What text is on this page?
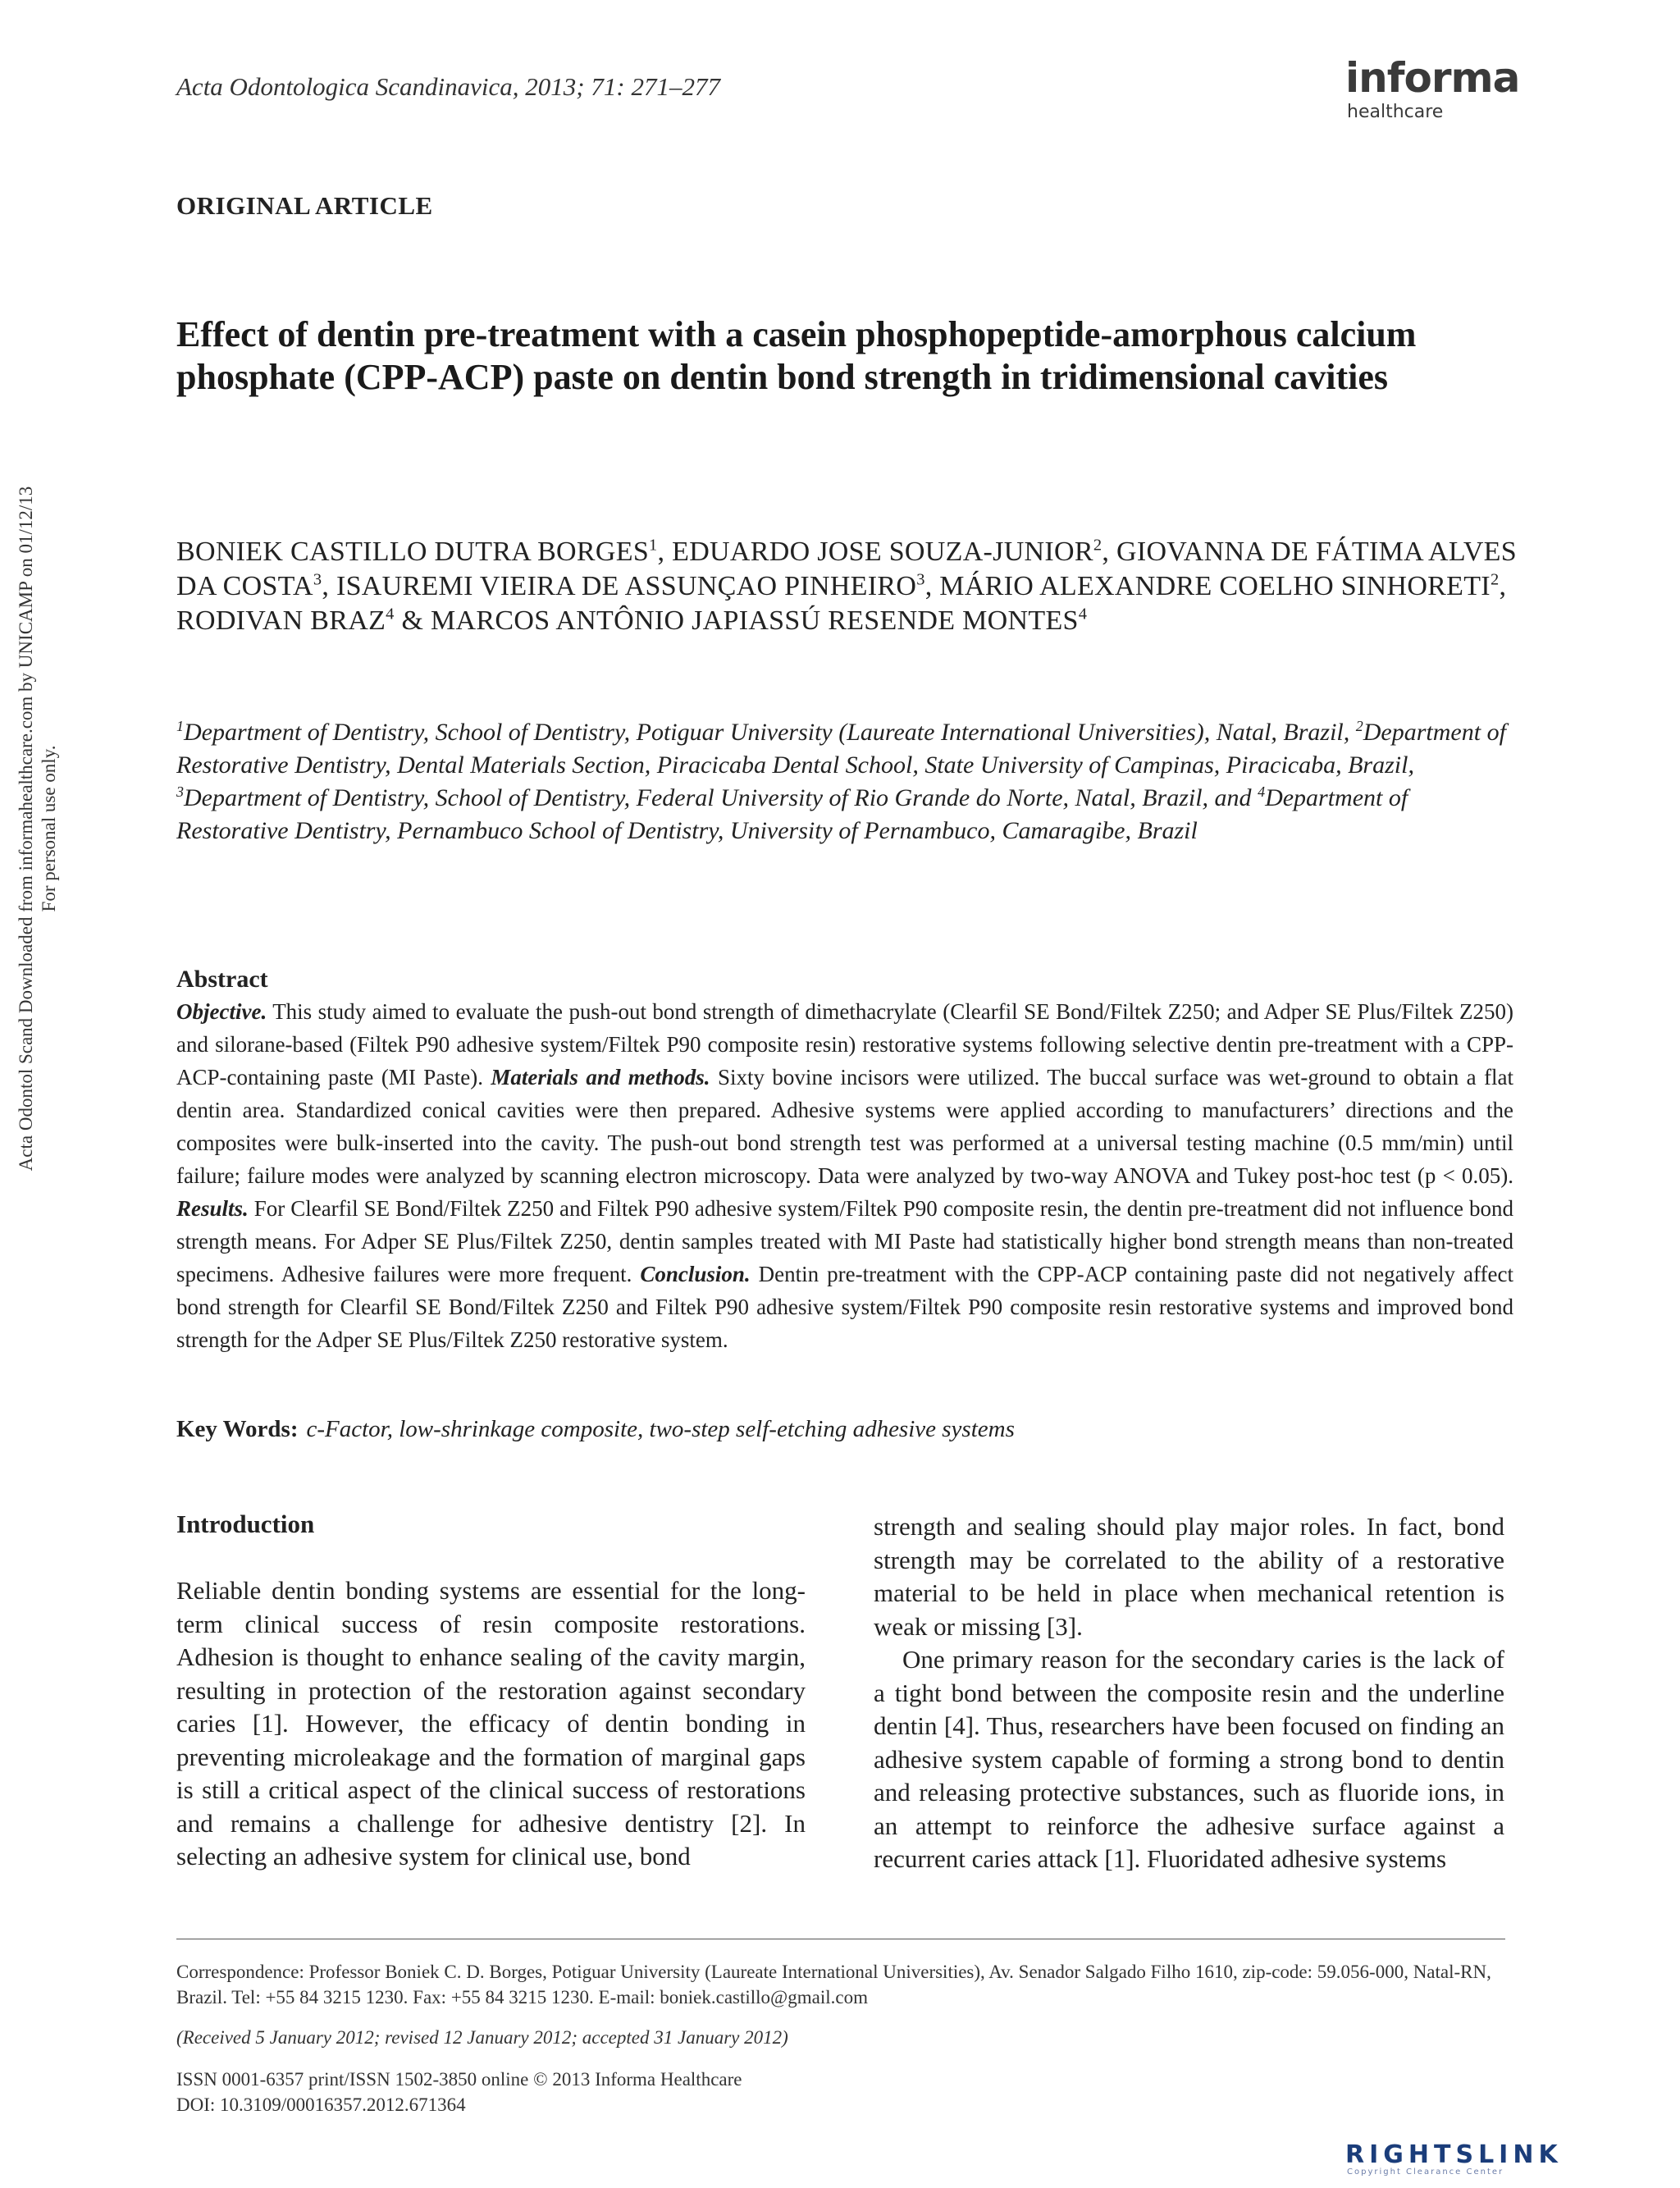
Acta Odontologica Scandinavica, 2013; 71: 271–277	informa
healthcare
ORIGINAL ARTICLE
Effect of dentin pre-treatment with a casein phosphopeptide-amorphous calcium phosphate (CPP-ACP) paste on dentin bond strength in tridimensional cavities
BONIEK CASTILLO DUTRA BORGES$^1$, EDUARDO JOSE SOUZA-JUNIOR$^2$, GIOVANNA DE FÁTIMA ALVES DA COSTA$^3$, ISAUREMI VIEIRA DE ASSUNÇAO PINHEIRO$^3$, MÁRIO ALEXANDRE COELHO SINHORETI$^2$, RODIVAN BRAZ$^4$ & MARCOS ANTÔNIO JAPIASSÚ RESENDE MONTES$^4$
$^1$Department of Dentistry, School of Dentistry, Potiguar University (Laureate International Universities), Natal, Brazil, $^2$Department of Restorative Dentistry, Dental Materials Section, Piracicaba Dental School, State University of Campinas, Piracicaba, Brazil, $^3$Department of Dentistry, School of Dentistry, Federal University of Rio Grande do Norte, Natal, Brazil, and $^4$Department of Restorative Dentistry, Pernambuco School of Dentistry, University of Pernambuco, Camaragibe, Brazil
Abstract
Objective. This study aimed to evaluate the push-out bond strength of dimethacrylate (Clearfil SE Bond/Filtek Z250; and Adper SE Plus/Filtek Z250) and silorane-based (Filtek P90 adhesive system/Filtek P90 composite resin) restorative systems following selective dentin pre-treatment with a CPP-ACP-containing paste (MI Paste). Materials and methods. Sixty bovine incisors were utilized. The buccal surface was wet-ground to obtain a flat dentin area. Standardized conical cavities were then prepared. Adhesive systems were applied according to manufacturers’ directions and the composites were bulk-inserted into the cavity. The push-out bond strength test was performed at a universal testing machine (0.5 mm/min) until failure; failure modes were analyzed by scanning electron microscopy. Data were analyzed by two-way ANOVA and Tukey post-hoc test (p < 0.05). Results. For Clearfil SE Bond/Filtek Z250 and Filtek P90 adhesive system/Filtek P90 composite resin, the dentin pre-treatment did not influence bond strength means. For Adper SE Plus/Filtek Z250, dentin samples treated with MI Paste had statistically higher bond strength means than non-treated specimens. Adhesive failures were more frequent. Conclusion. Dentin pre-treatment with the CPP-ACP containing paste did not negatively affect bond strength for Clearfil SE Bond/Filtek Z250 and Filtek P90 adhesive system/Filtek P90 composite resin restorative systems and improved bond strength for the Adper SE Plus/Filtek Z250 restorative system.
Key Words: c-Factor, low-shrinkage composite, two-step self-etching adhesive systems
Introduction

Reliable dentin bonding systems are essential for the long-term clinical success of resin composite restorations. Adhesion is thought to enhance sealing of the cavity margin, resulting in protection of the restoration against secondary caries [1]. However, the efficacy of dentin bonding in preventing microleakage and the formation of marginal gaps is still a critical aspect of the clinical success of restorations and remains a challenge for adhesive dentistry [2]. In selecting an adhesive system for clinical use, bond

strength and sealing should play major roles. In fact, bond strength may be correlated to the ability of a restorative material to be held in place when mechanical retention is weak or missing [3].

One primary reason for the secondary caries is the lack of a tight bond between the composite resin and the underline dentin [4]. Thus, researchers have been focused on finding an adhesive system capable of forming a strong bond to dentin and releasing protective substances, such as fluoride ions, in an attempt to reinforce the adhesive surface against a recurrent caries attack [1]. Fluoridated adhesive systems

Correspondence: Professor Boniek C. D. Borges, Potiguar University (Laureate International Universities), Av. Senador Salgado Filho 1610, zip-code: 59.056-000, Natal-RN, Brazil. Tel: +55 84 3215 1230. Fax: +55 84 3215 1230. E-mail: boniek.castillo@gmail.com
(Received 5 January 2012; revised 12 January 2012; accepted 31 January 2012)
ISSN 0001-6357 print/ISSN 1502-3850 online © 2013 Informa Healthcare
DOI: 10.3109/00016357.2012.671364
RIGHTSLINK
Copyright Clearance Center
Acta Odontol Scand Downloaded from informahealthcare.com by UNICAMP on 01/12/13 For personal use only.
